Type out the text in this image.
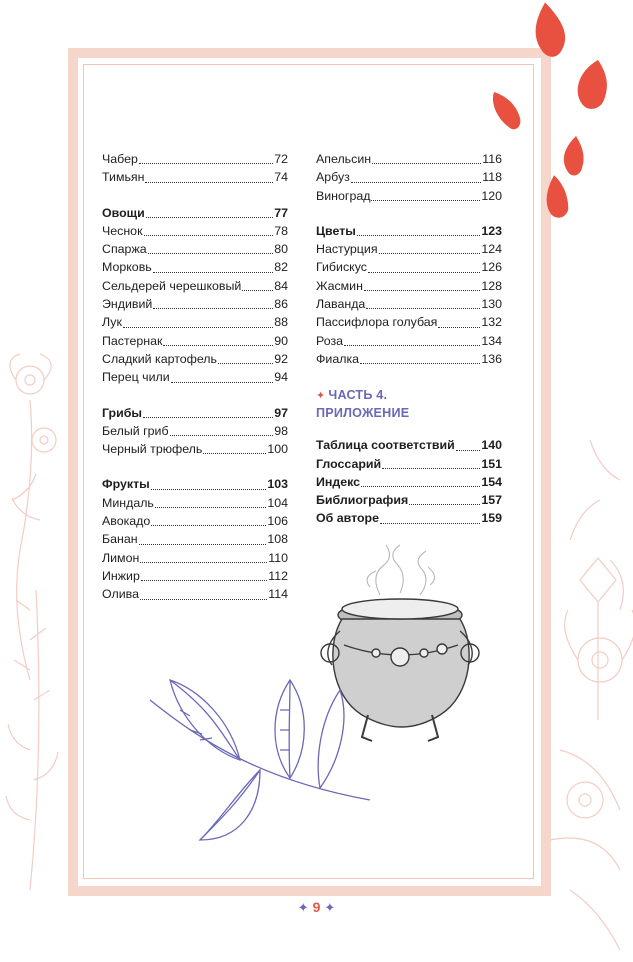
Чабер	72
Тимьян	74
Овощи	77
Чеснок	78
Спаржа	80
Морковь	82
Сельдерей черешковый	84
Эндивий	86
Лук	88
Пастернак	90
Сладкий картофель	92
Перец чили	94
Грибы	97
Белый гриб	98
Черный трюфель	100
Фрукты	103
Миндаль	104
Авокадо	106
Банан	108
Лимон	110
Инжир	112
Олива	114
Апельсин	116
Арбуз	118
Виноград	120
Цветы	123
Настурция	124
Гибискус	126
Жасмин	128
Лаванда	130
Пассифлора голубая	132
Роза	134
Фиалка	136
✦ ЧАСТЬ 4.
ПРИЛОЖЕНИЕ
Таблица соответствий 140
Глоссарий	151
Индекс	154
Библиография	157
Об авторе	159
✦ 9 ✦
